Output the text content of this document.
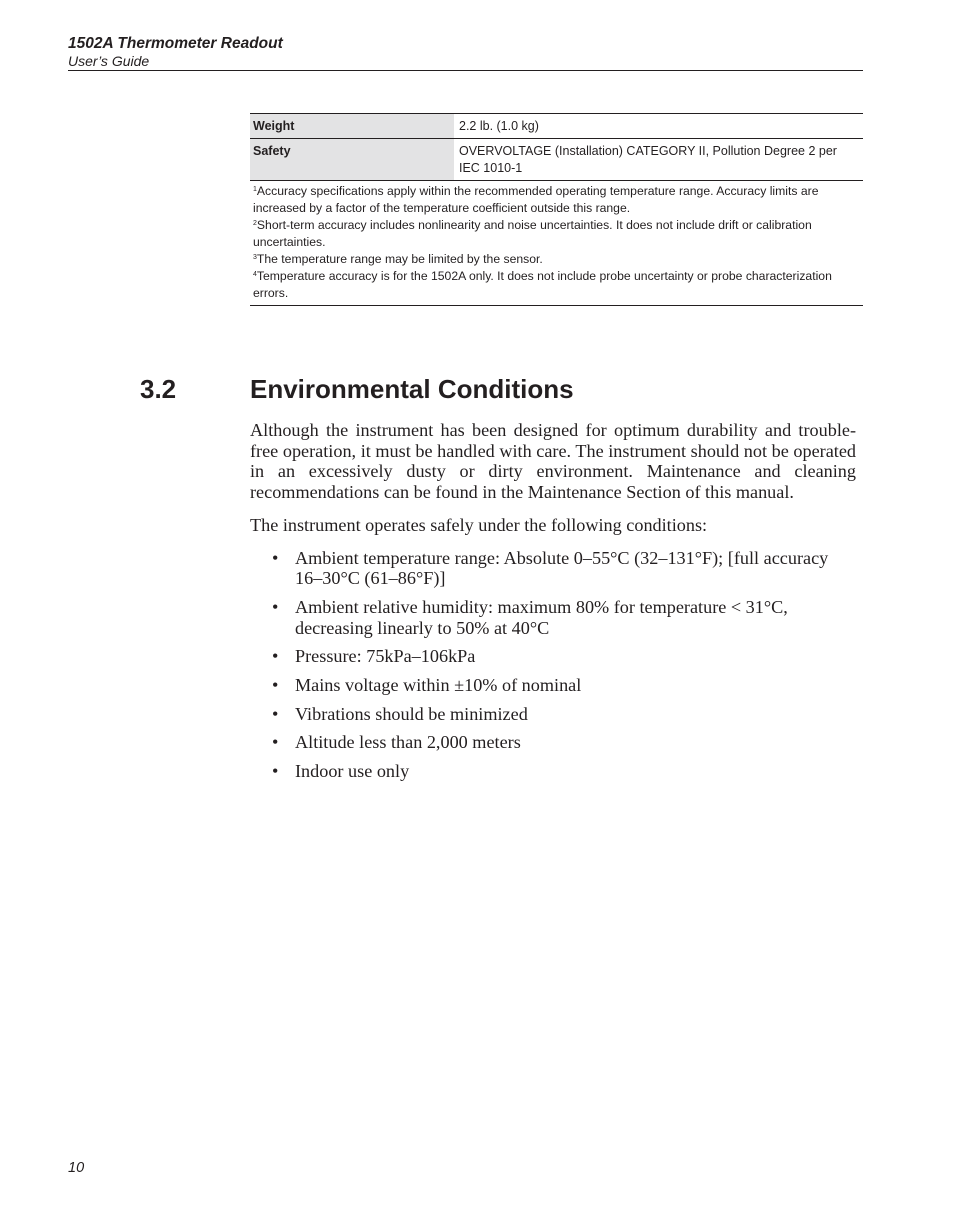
1502A Thermometer Readout
User’s Guide
Weight	2.2 lb. (1.0 kg)
Safety	OVERVOLTAGE (Installation) CATEGORY II, Pollution Degree 2 per IEC 1010-1

$^1$Accuracy specifications apply within the recommended operating temperature range. Accuracy limits are increased by a factor of the temperature coefficient outside this range.

$^2$Short-term accuracy includes nonlinearity and noise uncertainties. It does not include drift or calibration uncertainties.

$^3$The temperature range may be limited by the sensor.

$^4$Temperature accuracy is for the 1502A only. It does not include probe uncertainty or probe characterization errors.

3.2	Environmental Conditions

Although the instrument has been designed for optimum durability and trouble-free operation, it must be handled with care. The instrument should not be operated in an excessively dusty or dirty environment. Maintenance and cleaning recommendations can be found in the Maintenance Section of this manual.

The instrument operates safely under the following conditions:

• Ambient temperature range: Absolute 0–55°C (32–131°F); [full accuracy 16–30°C (61–86°F)]
• Ambient relative humidity: maximum 80% for temperature < 31°C, decreasing linearly to 50% at 40°C
• Pressure: 75kPa–106kPa
• Mains voltage within ±10% of nominal
• Vibrations should be minimized
• Altitude less than 2,000 meters
• Indoor use only
10
